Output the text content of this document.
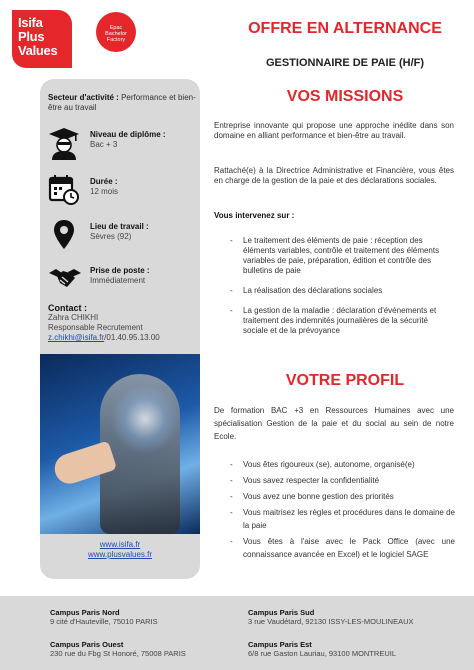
Isifa
Plus
Values
Epac
Bachelor
Factory
OFFRE EN ALTERNANCE
GESTIONNAIRE DE PAIE (H/F)
Secteur d'activité : Performance et bien-être au travail
Niveau de diplôme :
Bac + 3
Durée :
12 mois
Lieu de travail :
Sèvres (92)
Prise de poste :
Immédiatement
Contact :
Zahra CHIKHI
Responsable Recrutement
z.chikhi@isifa.fr/01.40.95.13.00
www.isifa.fr
www.plusvalues.fr
VOS MISSIONS
Entreprise innovante qui propose une approche inédite dans son domaine en alliant performance et bien-être au travail.
Rattaché(e) à la Directrice Administrative et Financière, vous êtes en charge de la gestion de la paie et des déclarations sociales.
Vous intervenez sur :
- Le traitement des éléments de paie : réception des éléments variables, contrôle et traitement des éléments variables de paie, préparation, édition et contrôle des bulletins de paie
- La réalisation des déclarations sociales
- La gestion de la maladie : déclaration d'événements et traitement des indemnités journalières de la sécurité sociale et de la prévoyance
VOTRE PROFIL
De formation BAC +3 en Ressources Humaines avec une spécialisation Gestion de la paie et du social au sein de notre Ecole.
- Vous êtes rigoureux (se), autonome, organisé(e)
- Vous savez respecter la confidentialité
- Vous avez une bonne gestion des priorités
- Vous maitrisez les règles et procédures dans le domaine de la paie
- Vous êtes à l'aise avec le Pack Office (avec une connaissance avancée en Excel) et le logiciel SAGE
Campus Paris Nord
9 cité d'Hauteville, 75010 PARIS
Campus Paris Sud
3 rue Vaudétard, 92130 ISSY-LES-MOULINEAUX
Campus Paris Ouest
230 rue du Fbg St Honoré, 75008 PARIS
Campus Paris Est
6/8 rue Gaston Lauriau, 93100 MONTREUIL
